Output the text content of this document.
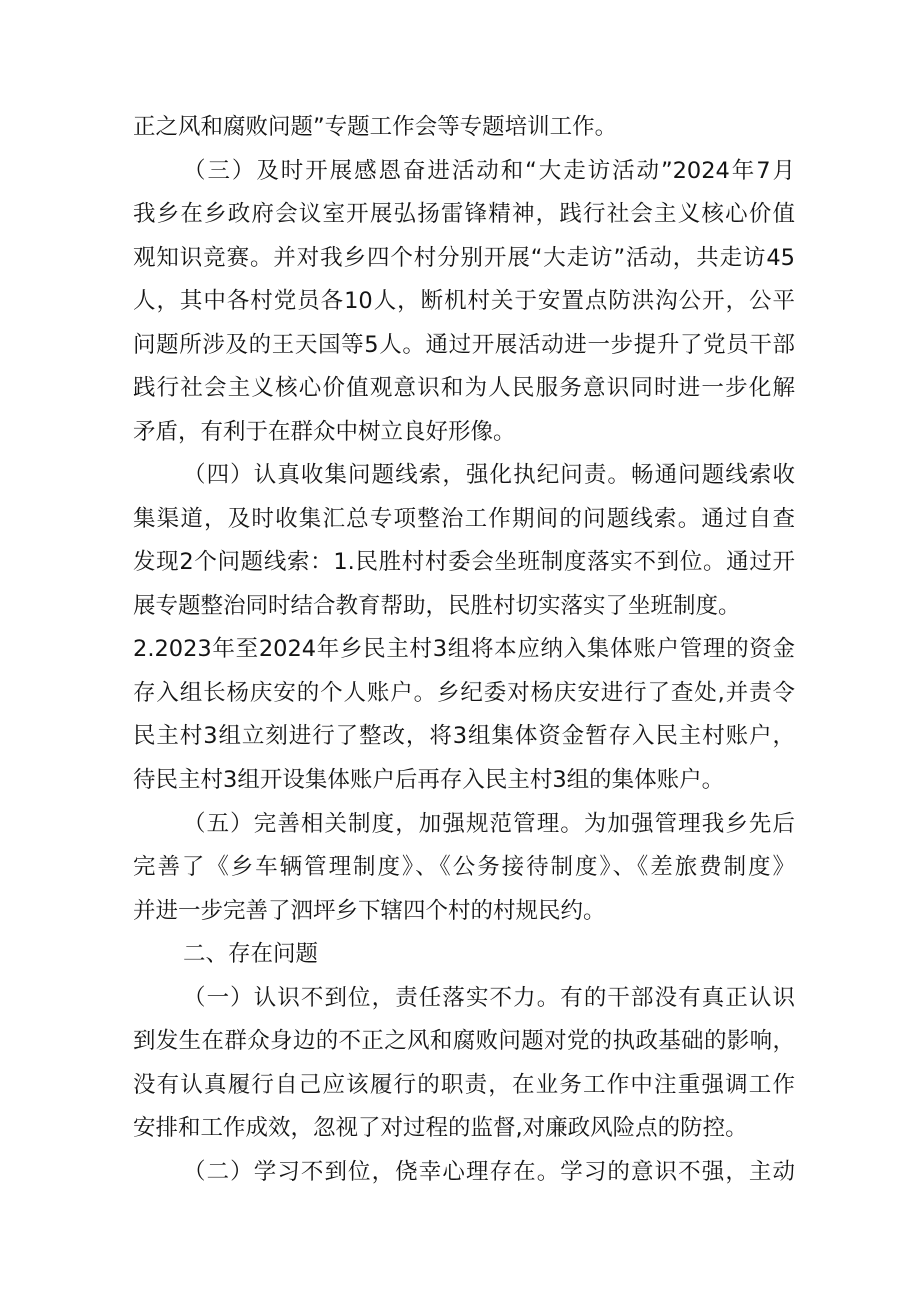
正之风和腐败问题”专题工作会等专题培训工作。
（三）及时开展感恩奋进活动和“大走访活动”2024年7月
我乡在乡政府会议室开展弘扬雷锋精神，践行社会主义核心价值
观知识竞赛。并对我乡四个村分别开展“大走访”活动，共走访45
人，其中各村党员各10人，断机村关于安置点防洪沟公开，公平
问题所涉及的王天国等5人。通过开展活动进一步提升了党员干部
践行社会主义核心价值观意识和为人民服务意识同时进一步化解
矛盾，有利于在群众中树立良好形像。
（四）认真收集问题线索，强化执纪问责。畅通问题线索收
集渠道，及时收集汇总专项整治工作期间的问题线索。通过自查
发现2个问题线索：1.民胜村村委会坐班制度落实不到位。通过开
展专题整治同时结合教育帮助，民胜村切实落实了坐班制度。
2.2023年至2024年乡民主村3组将本应纳入集体账户管理的资金
存入组长杨庆安的个人账户。乡纪委对杨庆安进行了查处,并责令
民主村3组立刻进行了整改，将3组集体资金暂存入民主村账户，
待民主村3组开设集体账户后再存入民主村3组的集体账户。
（五）完善相关制度，加强规范管理。为加强管理我乡先后
完善了《乡车辆管理制度》、《公务接待制度》、《差旅费制度》
并进一步完善了泗坪乡下辖四个村的村规民约。
二、存在问题
（一）认识不到位，责任落实不力。有的干部没有真正认识
到发生在群众身边的不正之风和腐败问题对党的执政基础的影响，
没有认真履行自己应该履行的职责，在业务工作中注重强调工作
安排和工作成效，忽视了对过程的监督,对廉政风险点的防控。
（二）学习不到位，侥幸心理存在。学习的意识不强，主动
